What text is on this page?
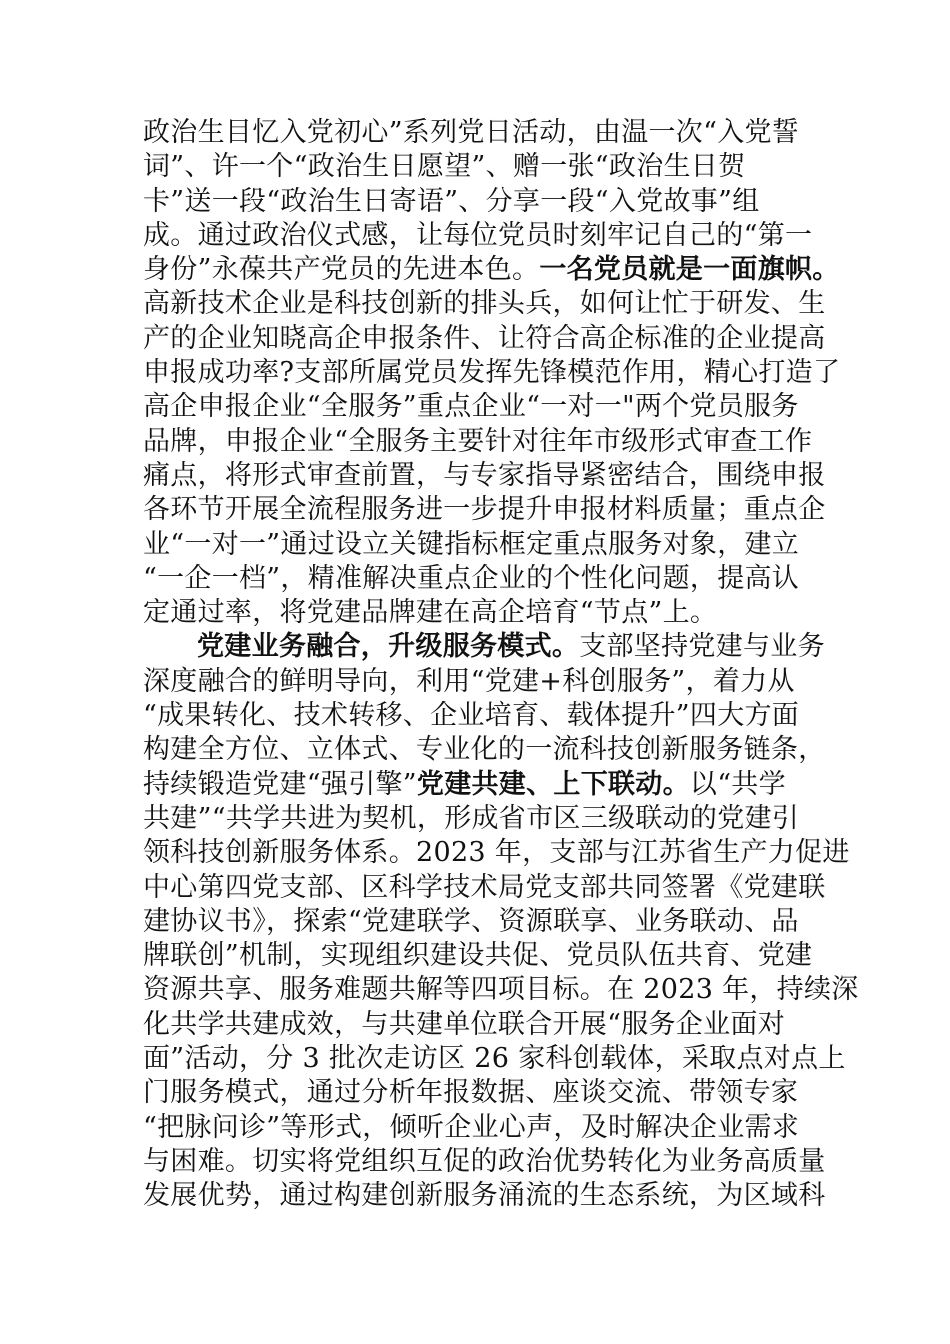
政治生目忆入党初心”系列党日活动，由温一次“入党誓
词”、许一个“政治生日愿望”、赠一张“政治生日贺
卡”送一段“政治生日寄语”、分享一段“入党故事”组
成。通过政治仪式感，让每位党员时刻牢记自己的“第一
身份”永葆共产党员的先进本色。一名党员就是一面旗帜。
高新技术企业是科技创新的排头兵，如何让忙于研发、生
产的企业知晓高企申报条件、让符合高企标准的企业提高
申报成功率?支部所属党员发挥先锋模范作用，精心打造了
高企申报企业“全服务”重点企业“一对一"两个党员服务
品牌，申报企业“全服务主要针对往年市级形式审查工作
痛点，将形式审查前置，与专家指导紧密结合，围绕申报
各环节开展全流程服务进一步提升申报材料质量；重点企
业“一对一”通过设立关键指标框定重点服务对象，建立
“一企一档”，精准解决重点企业的个性化问题，提高认
定通过率，将党建品牌建在高企培育“节点”上。
党建业务融合，升级服务模式。支部坚持党建与业务
深度融合的鲜明导向，利用“党建+科创服务”，着力从
“成果转化、技术转移、企业培育、载体提升”四大方面
构建全方位、立体式、专业化的一流科技创新服务链条，
持续锻造党建“强引擎”党建共建、上下联动。以“共学
共建”“共学共进为契机，形成省市区三级联动的党建引
领科技创新服务体系。2023 年，支部与江苏省生产力促进
中心第四党支部、区科学技术局党支部共同签署《党建联
建协议书》，探索“党建联学、资源联享、业务联动、品
牌联创”机制，实现组织建设共促、党员队伍共育、党建
资源共享、服务难题共解等四项目标。在 2023 年，持续深
化共学共建成效，与共建单位联合开展“服务企业面对
面”活动，分 3 批次走访区 26 家科创载体，采取点对点上
门服务模式，通过分析年报数据、座谈交流、带领专家
“把脉问诊”等形式，倾听企业心声，及时解决企业需求
与困难。切实将党组织互促的政治优势转化为业务高质量
发展优势，通过构建创新服务涌流的生态系统，为区域科
